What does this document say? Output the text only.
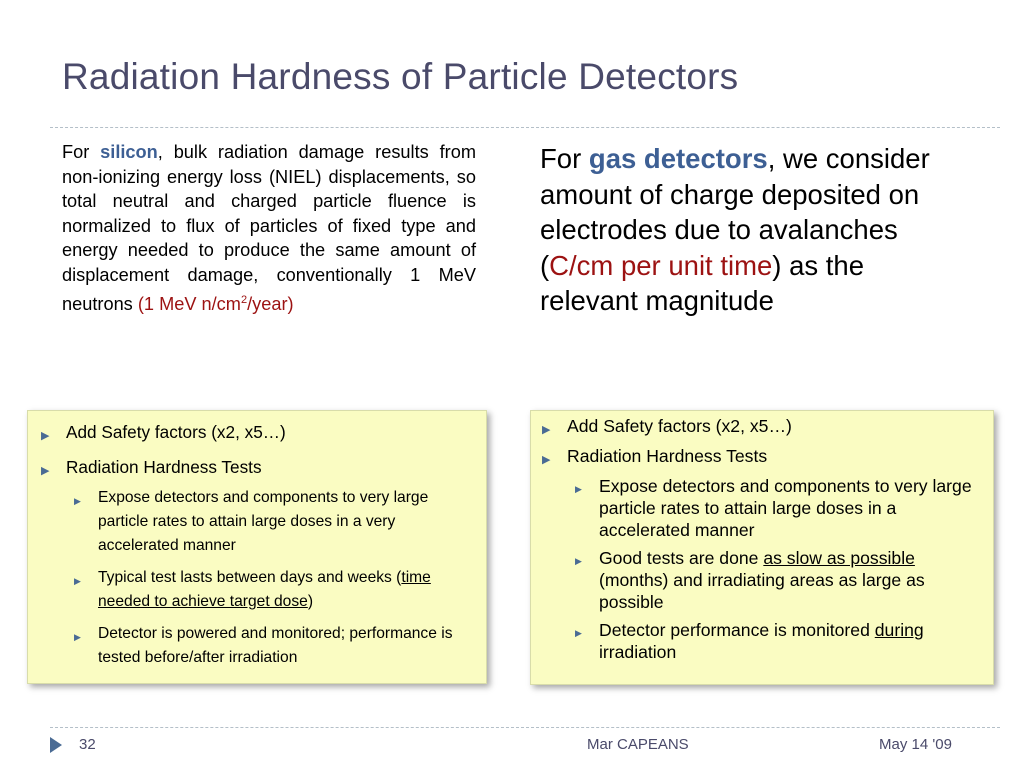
Radiation Hardness of Particle Detectors
For silicon, bulk radiation damage results from non-ionizing energy loss (NIEL) displacements, so total neutral and charged particle fluence is normalized to flux of particles of fixed type and energy needed to produce the same amount of displacement damage, conventionally 1 MeV neutrons (1 MeV $n/cm^2/year$)
For gas detectors, we consider amount of charge deposited on electrodes due to avalanches (C/cm per unit time) as the relevant magnitude
▶ Add Safety factors (x2, x5…)
▶ Radiation Hardness Tests
▶ Expose detectors and components to very large particle rates to attain large doses in a very accelerated manner
▶ Typical test lasts between days and weeks (time needed to achieve target dose)
▶ Detector is powered and monitored; performance is tested before/after irradiation
▶ Add Safety factors (x2, x5…)
▶ Radiation Hardness Tests
▶ Expose detectors and components to very large particle rates to attain large doses in a accelerated manner
▶ Good tests are done as slow as possible (months) and irradiating areas as large as possible
▶ Detector performance is monitored during irradiation
32	Mar CAPEANS	May 14 '09
